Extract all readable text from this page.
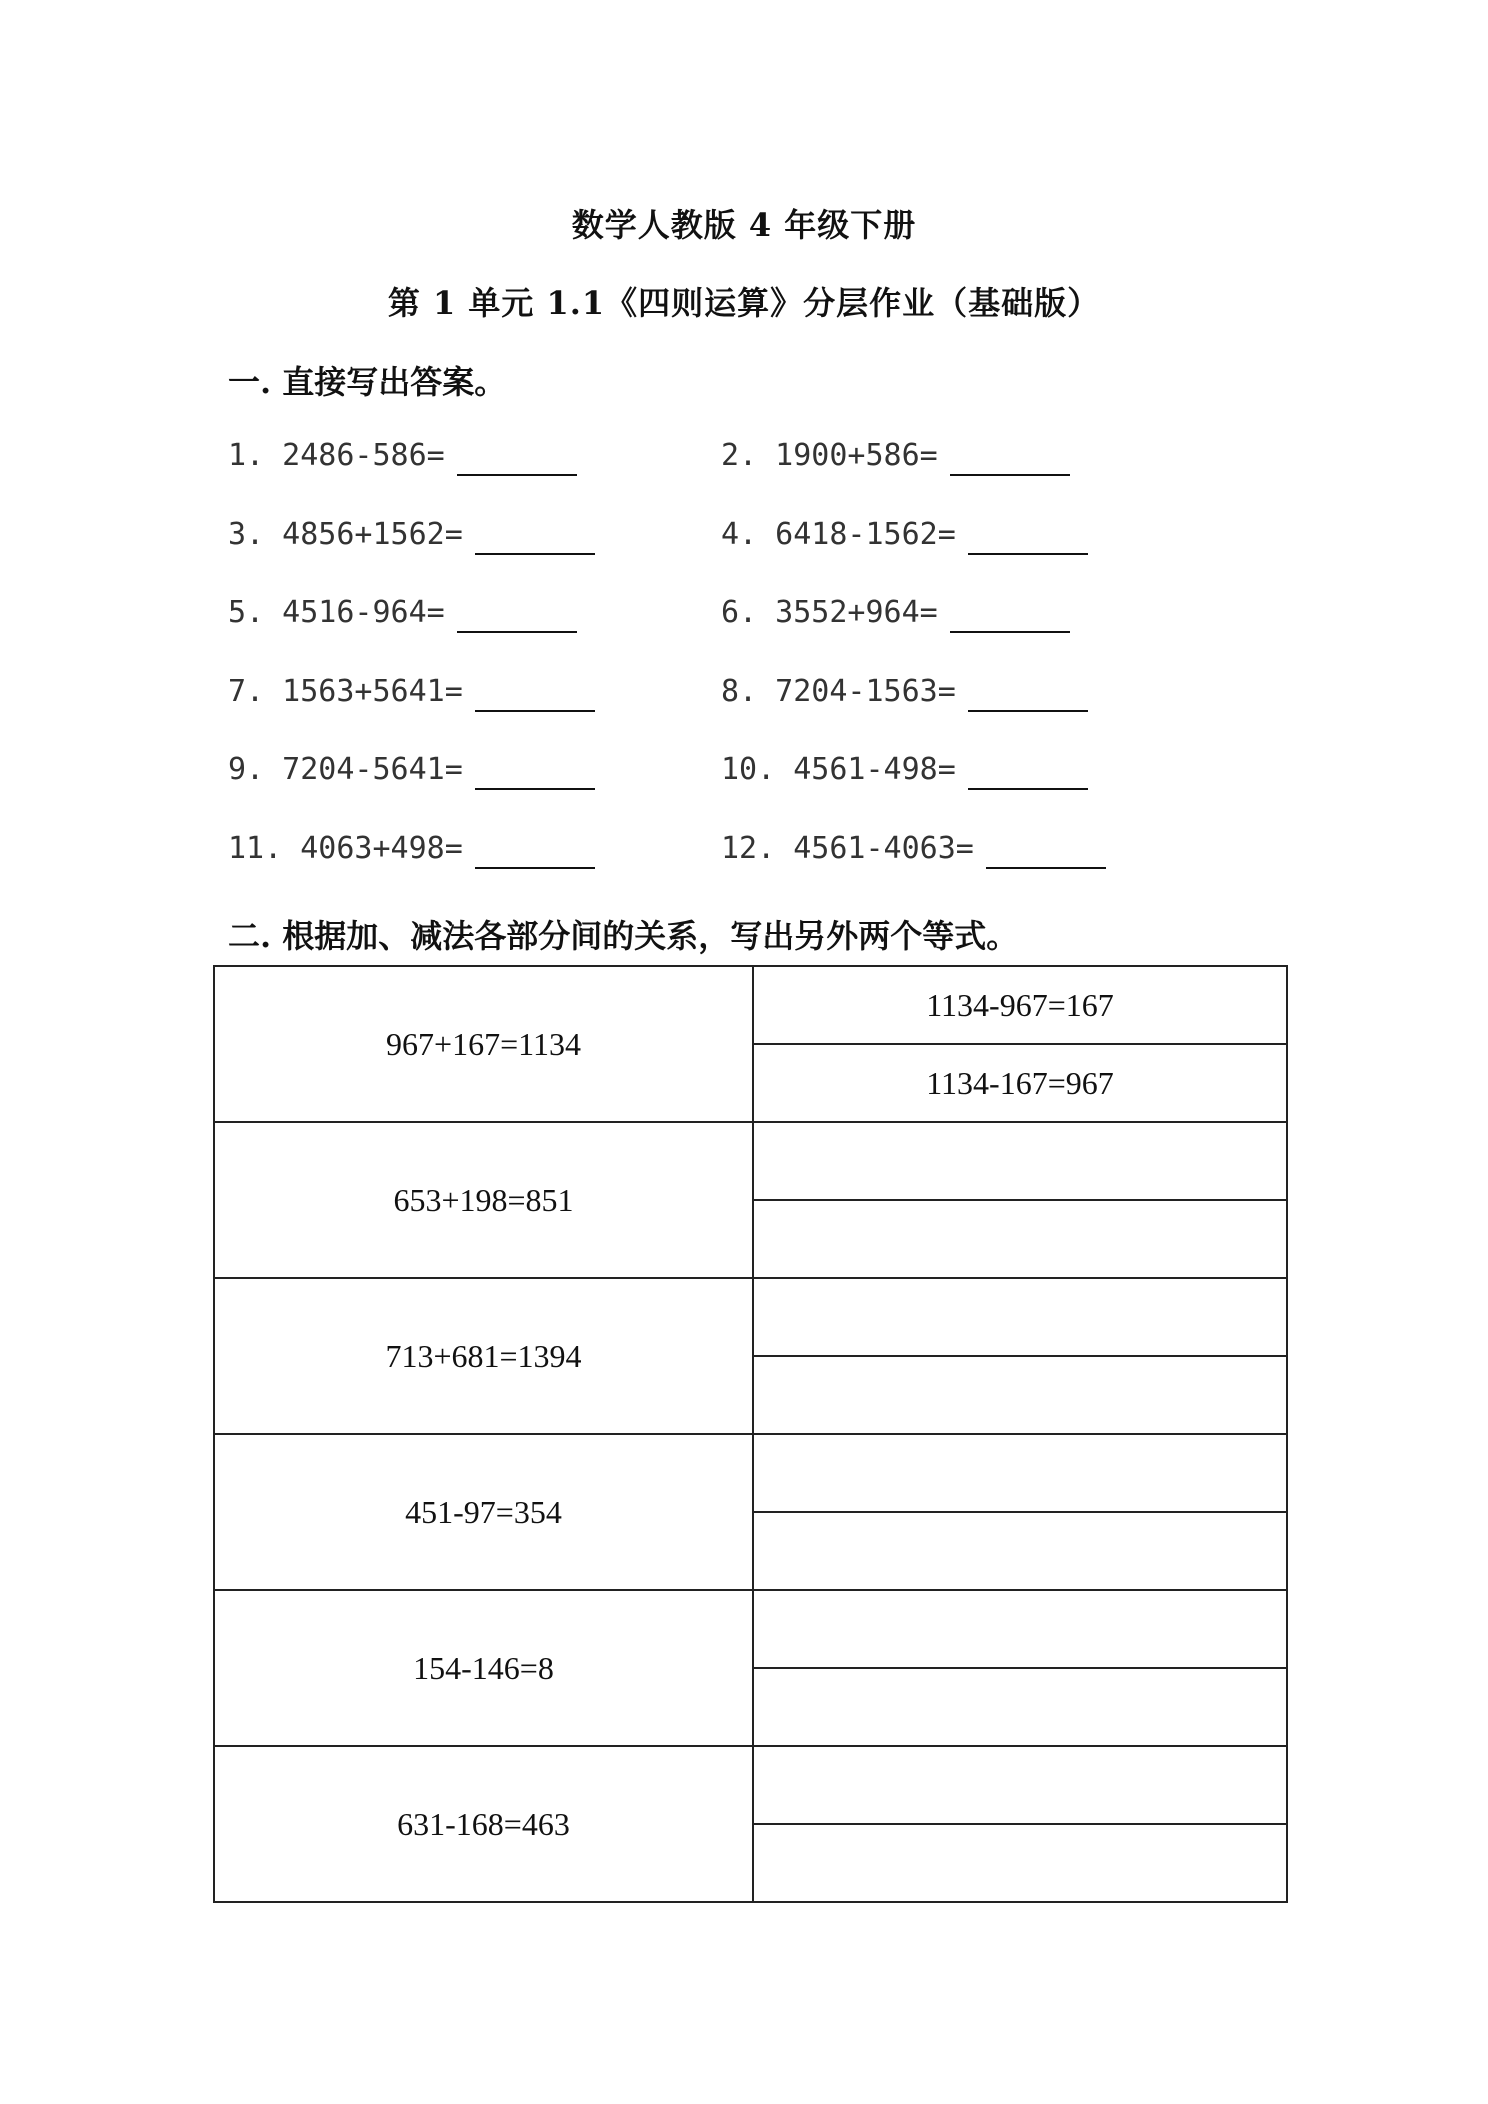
数学人教版 4 年级下册
第 1 单元 1.1《四则运算》分层作业（基础版）
一. 直接写出答案。
1. 2486-586=	2. 1900+586=
3. 4856+1562=	4. 6418-1562=
5. 4516-964=	6. 3552+964=
7. 1563+5641=	8. 7204-1563=
9. 7204-5641=	10. 4561-498=
11. 4063+498=	12. 4561-4063=
二. 根据加、减法各部分间的关系，写出另外两个等式。
967+167=1134	1134-967=167
	1134-167=967
653+198=851	

713+681=1394	

451-97=354	

154-146=8	

631-168=463	
